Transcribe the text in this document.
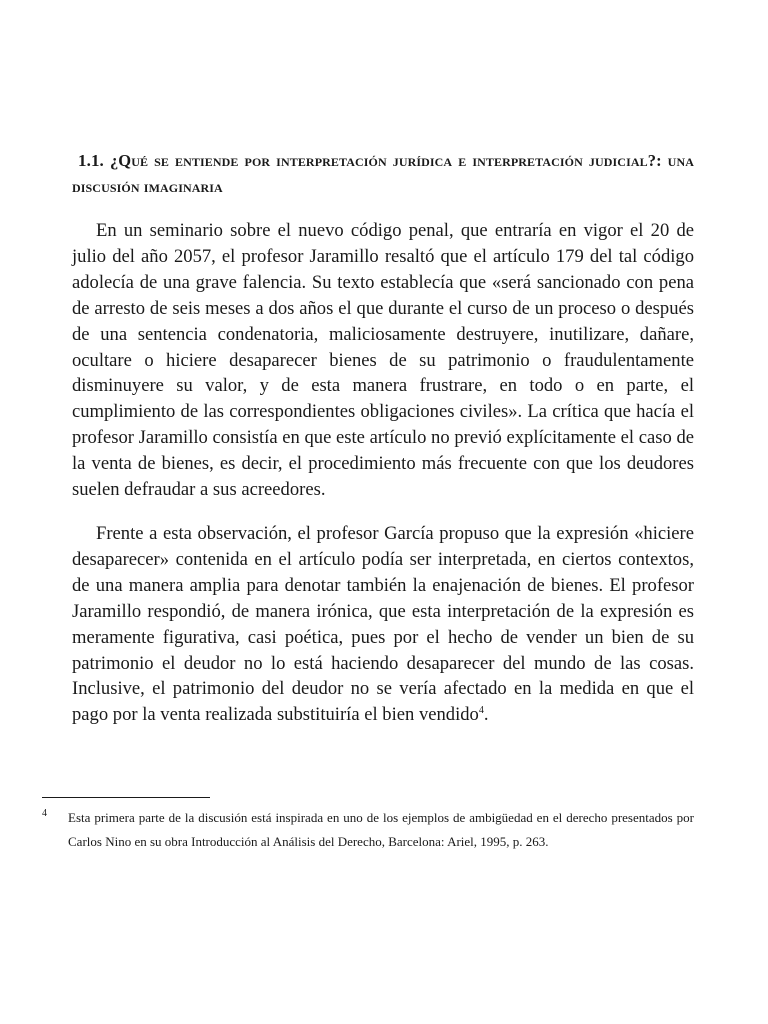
1.1. ¿Qué se entiende por interpretación jurídica e interpretación judicial?: una discusión imaginaria

En un seminario sobre el nuevo código penal, que entraría en vigor el 20 de julio del año 2057, el profesor Jaramillo resaltó que el artículo 179 del tal código adolecía de una grave falencia. Su texto establecía que «será sancionado con pena de arresto de seis meses a dos años el que durante el curso de un proceso o después de una sentencia condenatoria, maliciosamente destruyere, inutilizare, dañare, ocultare o hiciere desaparecer bienes de su patrimonio o fraudulentamente disminuyere su valor, y de esta manera frustrare, en todo o en parte, el cumplimiento de las correspondientes obligaciones civiles». La crítica que hacía el profesor Jaramillo consistía en que este artículo no previó explícitamente el caso de la venta de bienes, es decir, el procedimiento más frecuente con que los deudores suelen defraudar a sus acreedores.

Frente a esta observación, el profesor García propuso que la expresión «hiciere desaparecer» contenida en el artículo podía ser interpretada, en ciertos contextos, de una manera amplia para denotar también la enajenación de bienes. El profesor Jaramillo respondió, de manera irónica, que esta interpretación de la expresión es meramente figurativa, casi poética, pues por el hecho de vender un bien de su patrimonio el deudor no lo está haciendo desaparecer del mundo de las cosas. Inclusive, el patrimonio del deudor no se vería afectado en la medida en que el pago por la venta realizada substituiría el bien vendido$^4$.

4	Esta primera parte de la discusión está inspirada en uno de los ejemplos de ambigüedad en el derecho presentados por Carlos Nino en su obra Introducción al Análisis del Derecho, Barcelona: Ariel, 1995, p. 263.
